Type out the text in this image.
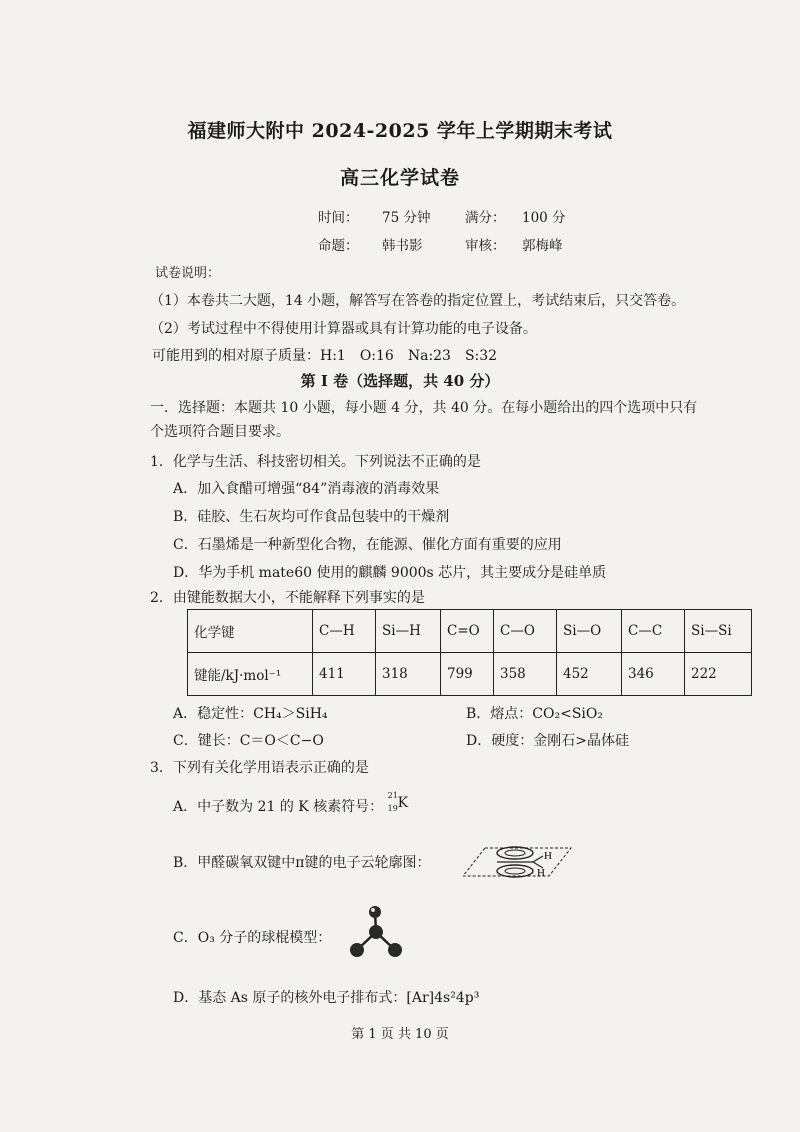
福建师大附中 2024-2025 学年上学期期末考试
高三化学试卷
时间： 75 分钟	满分： 100 分
命题： 韩书影	审核： 郭梅峰
试卷说明：
（1）本卷共二大题，14 小题，解答写在答卷的指定位置上，考试结束后，只交答卷。
（2）考试过程中不得使用计算器或具有计算功能的电子设备。
可能用到的相对原子质量：H:1　O:16　Na:23　S:32
第 I 卷（选择题，共 40 分）
一．选择题：本题共 10 小题，每小题 4 分，共 40 分。在每小题给出的四个选项中只有
个选项符合题目要求。
1．化学与生活、科技密切相关。下列说法不正确的是
A．加入食醋可增强“84”消毒液的消毒效果
B．硅胶、生石灰均可作食品包装中的干燥剂
C．石墨烯是一种新型化合物，在能源、催化方面有重要的应用
D．华为手机 mate60 使用的麒麟 9000s 芯片，其主要成分是硅单质
2．由键能数据大小，不能解释下列事实的是
化学键	C—H	Si—H	C=O	C—O	Si—O	C—C	Si—Si
键能/kJ·mol⁻¹	411	318	799	358	452	346	222
A．稳定性：CH₄＞SiH₄	B．熔点：CO₂<SiO₂
C．键长：C＝O＜C−O	D．硬度：金刚石>晶体硅
3．下列有关化学用语表示正确的是
A．中子数为 21 的 K 核素符号：
21
19 K
B．甲醛碳氧双键中π键的电子云轮廓图：	H
H
C．O₃ 分子的球棍模型：
D．基态 As 原子的核外电子排布式：[Ar]4s²4p³
第 1 页 共 10 页
